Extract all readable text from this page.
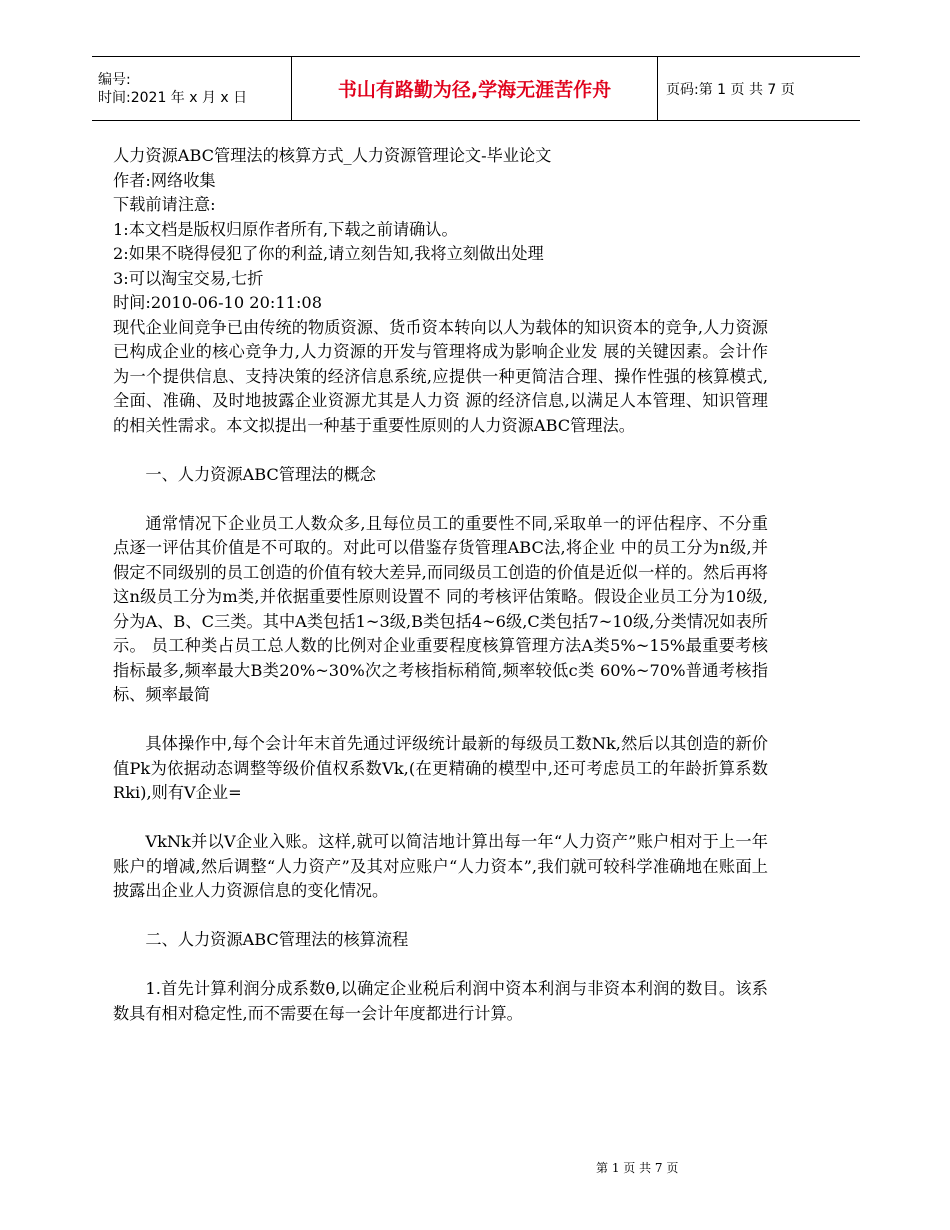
编号:
时间:2021 年 x 月 x 日	书山有路勤为径,学海无涯苦作舟	页码:第 1 页 共 7 页

人力资源ABC管理法的核算方式_人力资源管理论文-毕业论文

作者:网络收集

下载前请注意:

1:本文档是版权归原作者所有,下载之前请确认。

2:如果不晓得侵犯了你的利益,请立刻告知,我将立刻做出处理

3:可以淘宝交易,七折

时间:2010-06-10 20:11:08

现代企业间竞争已由传统的物质资源、货币资本转向以人为载体的知识资本的竞争,人力资源已构成企业的核心竞争力,人力资源的开发与管理将成为影响企业发 展的关键因素。会计作为一个提供信息、支持决策的经济信息系统,应提供一种更简洁合理、操作性强的核算模式,全面、准确、及时地披露企业资源尤其是人力资 源的经济信息,以满足人本管理、知识管理的相关性需求。本文拟提出一种基于重要性原则的人力资源ABC管理法。

一、人力资源ABC管理法的概念

通常情况下企业员工人数众多,且每位员工的重要性不同,采取单一的评估程序、不分重点逐一评估其价值是不可取的。对此可以借鉴存货管理ABC法,将企业 中的员工分为n级,并假定不同级别的员工创造的价值有较大差异,而同级员工创造的价值是近似一样的。然后再将这n级员工分为m类,并依据重要性原则设置不 同的考核评估策略。假设企业员工分为10级,分为A、B、C三类。其中A类包括1~3级,B类包括4~6级,C类包括7~10级,分类情况如表所示。 员工种类占员工总人数的比例对企业重要程度核算管理方法A类5%~15%最重要考核指标最多,频率最大B类20%~30%次之考核指标稍简,频率较低c类 60%~70%普通考核指标、频率最简

具体操作中,每个会计年末首先通过评级统计最新的每级员工数Nk,然后以其创造的新价值Pk为依据动态调整等级价值权系数Vk,(在更精确的模型中,还可考虑员工的年龄折算系数Rki),则有V企业=

VkNk并以V企业入账。这样,就可以简洁地计算出每一年“人力资产”账户相对于上一年账户的增减,然后调整“人力资产”及其对应账户“人力资本”,我们就可较科学准确地在账面上披露出企业人力资源信息的变化情况。

二、人力资源ABC管理法的核算流程

1.首先计算利润分成系数θ,以确定企业税后利润中资本利润与非资本利润的数目。该系数具有相对稳定性,而不需要在每一会计年度都进行计算。

第 1 页 共 7 页
